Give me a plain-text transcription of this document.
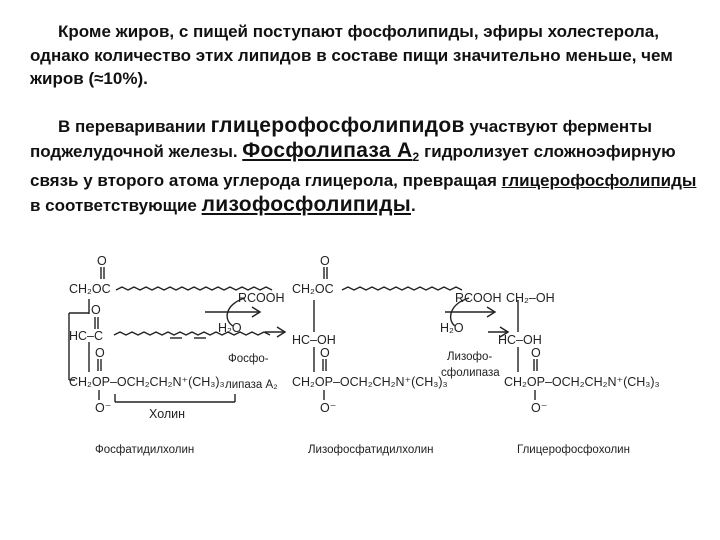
Кроме жиров, с пищей поступают фосфолипиды, эфиры холестерола, однако количество этих липидов в составе пищи значительно меньше, чем жиров (≈10%).

В переваривании глицерофосфолипидов участвуют ферменты поджелудочной железы. Фосфолипаза $А_2$ гидролизует сложноэфирную связь у второго атома углерода глицерола, превращая глицерофосфолипиды в соответствующие лизофосфолипиды.

O
CH₂OC
O
HC–C
O
CH₂OP–OCH₂CH₂N⁺(CH₃)₃
O⁻	Холин
Фосфатидилхолин
RCOOH
H₂O
Фосфо-
липаза A₂
O
CH₂OC
HC–OH
O
CH₂OP–OCH₂CH₂N⁺(CH₃)₃
O⁻
Лизофосфатидилхолин
RCOOH
H₂O
Лизофо-
сфолипаза
CH₂–OH
HC–OH
O
CH₂OP–OCH₂CH₂N⁺(CH₃)₃
O⁻
Глицерофосфохолин
